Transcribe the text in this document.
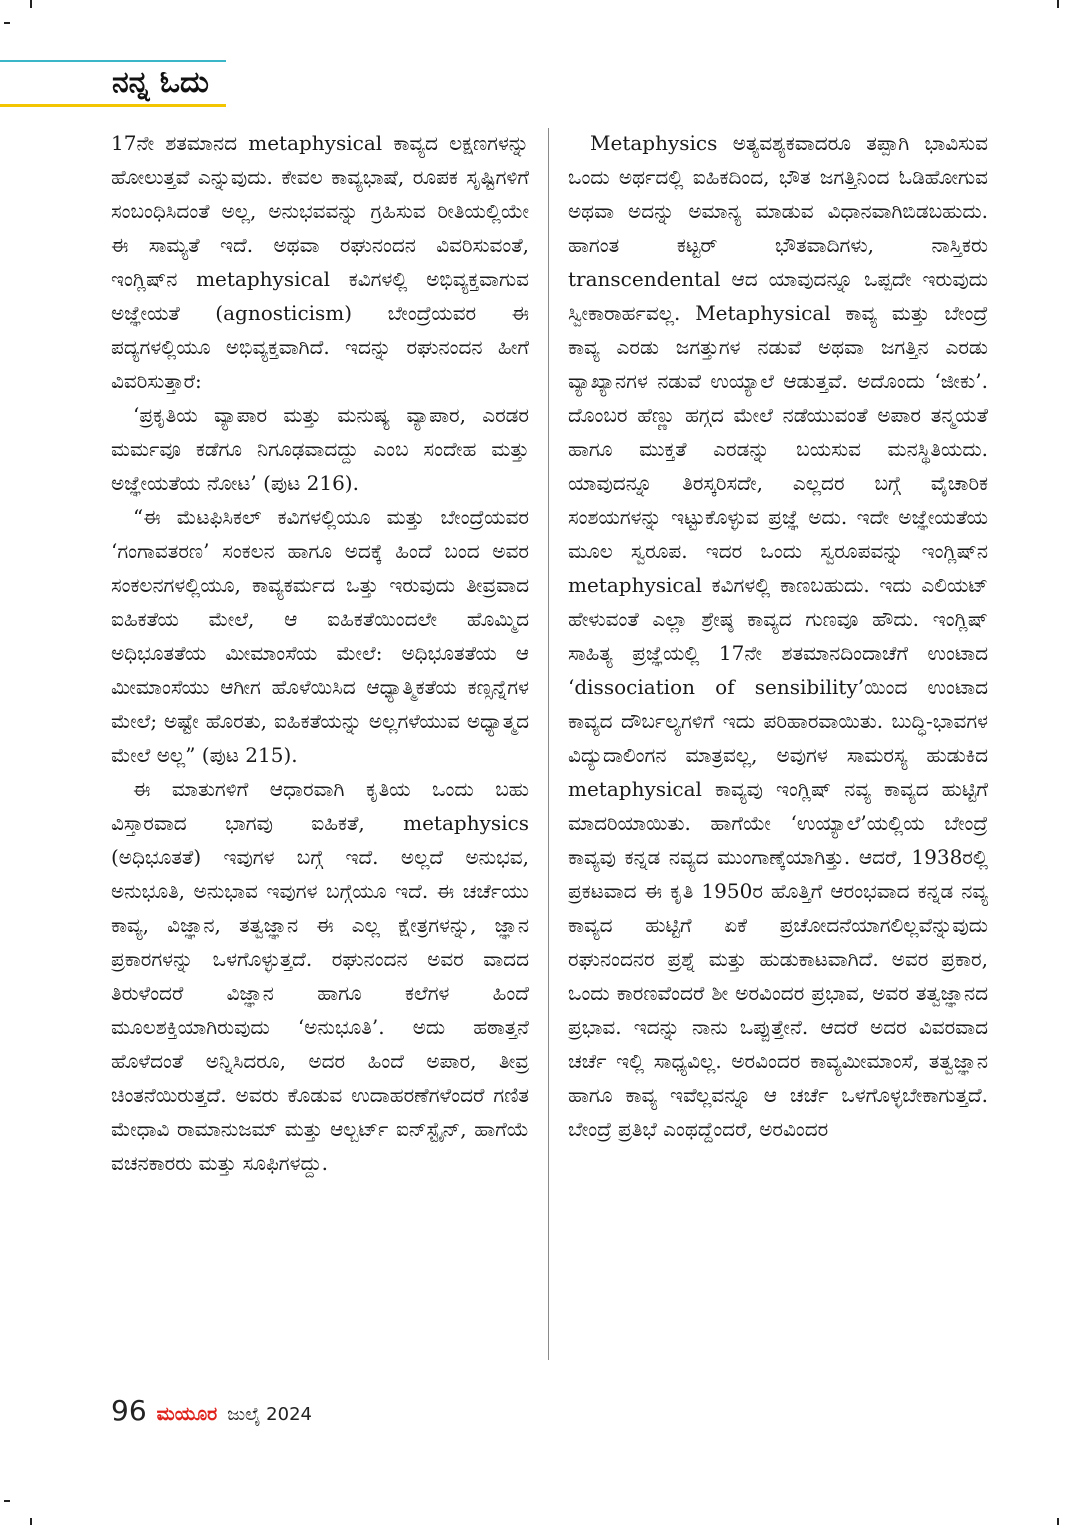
ನನ್ನ ಓದು

17ನೇ ಶತಮಾನದ metaphysical ಕಾವ್ಯದ ಲಕ್ಷಣಗಳನ್ನು ಹೋಲುತ್ತವೆ ಎನ್ನುವುದು. ಕೇವಲ ಕಾವ್ಯಭಾಷೆ, ರೂಪಕ ಸೃಷ್ಟಿಗಳಿಗೆ ಸಂಬಂಧಿಸಿದಂತೆ ಅಲ್ಲ, ಅನುಭವವನ್ನು ಗ್ರಹಿಸುವ ರೀತಿಯಲ್ಲಿಯೇ ಈ ಸಾಮ್ಯತೆ ಇದೆ. ಅಥವಾ ರಘುನಂದನ ವಿವರಿಸುವಂತೆ, ಇಂಗ್ಲಿಷ್‌ನ metaphysical ಕವಿಗಳಲ್ಲಿ ಅಭಿವ್ಯಕ್ತವಾಗುವ ಅಜ್ಞೇಯತೆ (agnosticism) ಬೇಂದ್ರೆಯವರ ಈ ಪದ್ಯಗಳಲ್ಲಿಯೂ ಅಭಿವ್ಯಕ್ತವಾಗಿದೆ. ಇದನ್ನು ರಘುನಂದನ ಹೀಗೆ ವಿವರಿಸುತ್ತಾರೆ:

‘ಪ್ರಕೃತಿಯ ವ್ಯಾಪಾರ ಮತ್ತು ಮನುಷ್ಯ ವ್ಯಾಪಾರ, ಎರಡರ ಮರ್ಮವೂ ಕಡೆಗೂ ನಿಗೂಢವಾದದ್ದು ಎಂಬ ಸಂದೇಹ ಮತ್ತು ಅಜ್ಞೇಯತೆಯ ನೋಟ’ (ಪುಟ 216).

“ಈ ಮೆಟಫಿಸಿಕಲ್ ಕವಿಗಳಲ್ಲಿಯೂ ಮತ್ತು ಬೇಂದ್ರೆಯವರ ‘ಗಂಗಾವತರಣ’ ಸಂಕಲನ ಹಾಗೂ ಅದಕ್ಕೆ ಹಿಂದೆ ಬಂದ ಅವರ ಸಂಕಲನಗಳಲ್ಲಿಯೂ, ಕಾವ್ಯಕರ್ಮದ ಒತ್ತು ಇರುವುದು ತೀವ್ರವಾದ ಐಹಿಕತೆಯ ಮೇಲೆ, ಆ ಐಹಿಕತೆಯಿಂದಲೇ ಹೊಮ್ಮಿದ ಅಧಿಭೂತತೆಯ ಮೀಮಾಂಸೆಯ ಮೇಲೆ: ಅಧಿಭೂತತೆಯ ಆ ಮೀಮಾಂಸೆಯು ಆಗೀಗ ಹೊಳೆಯಿಸಿದ ಆಧ್ಯಾತ್ಮಿಕತೆಯ ಕಣ್ಸನ್ನೆಗಳ ಮೇಲೆ; ಅಷ್ಟೇ ಹೊರತು, ಐಹಿಕತೆಯನ್ನು ಅಲ್ಲಗಳೆಯುವ ಅಧ್ಯಾತ್ಮದ ಮೇಲೆ ಅಲ್ಲ” (ಪುಟ 215).

ಈ ಮಾತುಗಳಿಗೆ ಆಧಾರವಾಗಿ ಕೃತಿಯ ಒಂದು ಬಹು ವಿಸ್ತಾರವಾದ ಭಾಗವು ಐಹಿಕತೆ, metaphysics (ಅಧಿಭೂತತೆ) ಇವುಗಳ ಬಗ್ಗೆ ಇದೆ. ಅಲ್ಲದೆ ಅನುಭವ, ಅನುಭೂತಿ, ಅನುಭಾವ ಇವುಗಳ ಬಗ್ಗೆಯೂ ಇದೆ. ಈ ಚರ್ಚೆಯು ಕಾವ್ಯ, ವಿಜ್ಞಾನ, ತತ್ವಜ್ಞಾನ ಈ ಎಲ್ಲ ಕ್ಷೇತ್ರಗಳನ್ನು, ಜ್ಞಾನ ಪ್ರಕಾರಗಳನ್ನು ಒಳಗೊಳ್ಳುತ್ತದೆ. ರಘುನಂದನ ಅವರ ವಾದದ ತಿರುಳೆಂದರೆ ವಿಜ್ಞಾನ ಹಾಗೂ ಕಲೆಗಳ ಹಿಂದೆ ಮೂಲಶಕ್ತಿಯಾಗಿರುವುದು ‘ಅನುಭೂತಿ’. ಅದು ಹಠಾತ್ತನೆ ಹೊಳೆದಂತೆ ಅನ್ನಿಸಿದರೂ, ಅದರ ಹಿಂದೆ ಅಪಾರ, ತೀವ್ರ ಚಿಂತನೆಯಿರುತ್ತದೆ. ಅವರು ಕೊಡುವ ಉದಾಹರಣೆಗಳೆಂದರೆ ಗಣಿತ ಮೇಧಾವಿ ರಾಮಾನುಜಮ್ ಮತ್ತು ಆಲ್ಬರ್ಟ್ ಐನ್‌ಸ್ಟೈನ್, ಹಾಗೆಯೆ ವಚನಕಾರರು ಮತ್ತು ಸೂಫಿಗಳದ್ದು.

Metaphysics ಅತ್ಯವಶ್ಯಕವಾದರೂ ತಪ್ಪಾಗಿ ಭಾವಿಸುವ ಒಂದು ಅರ್ಥದಲ್ಲಿ ಐಹಿಕದಿಂದ, ಭೌತ ಜಗತ್ತಿನಿಂದ ಓಡಿಹೋಗುವ ಅಥವಾ ಅದನ್ನು ಅಮಾನ್ಯ ಮಾಡುವ ವಿಧಾನವಾಗಿಬಿಡಬಹುದು. ಹಾಗಂತ ಕಟ್ಟರ್ ಭೌತವಾದಿಗಳು, ನಾಸ್ತಿಕರು transcendental ಆದ ಯಾವುದನ್ನೂ ಒಪ್ಪದೇ ಇರುವುದು ಸ್ವೀಕಾರಾರ್ಹವಲ್ಲ. Metaphysical ಕಾವ್ಯ ಮತ್ತು ಬೇಂದ್ರೆ ಕಾವ್ಯ ಎರಡು ಜಗತ್ತುಗಳ ನಡುವೆ ಅಥವಾ ಜಗತ್ತಿನ ಎರಡು ವ್ಯಾಖ್ಯಾನಗಳ ನಡುವೆ ಉಯ್ಯಾಲೆ ಆಡುತ್ತವೆ. ಅದೊಂದು ‘ಜೀಕು’. ದೊಂಬರ ಹೆಣ್ಣು ಹಗ್ಗದ ಮೇಲೆ ನಡೆಯುವಂತೆ ಅಪಾರ ತನ್ಮಯತೆ ಹಾಗೂ ಮುಕ್ತತೆ ಎರಡನ್ನು ಬಯಸುವ ಮನಸ್ಥಿತಿಯದು. ಯಾವುದನ್ನೂ ತಿರಸ್ಕರಿಸದೇ, ಎಲ್ಲದರ ಬಗ್ಗೆ ವೈಚಾರಿಕ ಸಂಶಯಗಳನ್ನು ಇಟ್ಟುಕೊಳ್ಳುವ ಪ್ರಜ್ಞೆ ಅದು. ಇದೇ ಅಜ್ಞೇಯತೆಯ ಮೂಲ ಸ್ವರೂಪ. ಇದರ ಒಂದು ಸ್ವರೂಪವನ್ನು ಇಂಗ್ಲಿಷ್‌ನ metaphysical ಕವಿಗಳಲ್ಲಿ ಕಾಣಬಹುದು. ಇದು ಎಲಿಯಟ್ ಹೇಳುವಂತೆ ಎಲ್ಲಾ ಶ್ರೇಷ್ಠ ಕಾವ್ಯದ ಗುಣವೂ ಹೌದು. ಇಂಗ್ಲಿಷ್ ಸಾಹಿತ್ಯ ಪ್ರಜ್ಞೆಯಲ್ಲಿ 17ನೇ ಶತಮಾನದಿಂದಾಚೆಗೆ ಉಂಟಾದ ‘dissociation of sensibility’ಯಿಂದ ಉಂಟಾದ ಕಾವ್ಯದ ದೌರ್ಬಲ್ಯಗಳಿಗೆ ಇದು ಪರಿಹಾರವಾಯಿತು. ಬುದ್ಧಿ-ಭಾವಗಳ ವಿದ್ಯುದಾಲಿಂಗನ ಮಾತ್ರವಲ್ಲ, ಅವುಗಳ ಸಾಮರಸ್ಯ ಹುಡುಕಿದ metaphysical ಕಾವ್ಯವು ಇಂಗ್ಲಿಷ್ ನವ್ಯ ಕಾವ್ಯದ ಹುಟ್ಟಿಗೆ ಮಾದರಿಯಾಯಿತು. ಹಾಗೆಯೇ ‘ಉಯ್ಯಾಲೆ’ಯಲ್ಲಿಯ ಬೇಂದ್ರೆ ಕಾವ್ಯವು ಕನ್ನಡ ನವ್ಯದ ಮುಂಗಾಣ್ಕೆಯಾಗಿತ್ತು. ಆದರೆ, 1938ರಲ್ಲಿ ಪ್ರಕಟವಾದ ಈ ಕೃತಿ 1950ರ ಹೊತ್ತಿಗೆ ಆರಂಭವಾದ ಕನ್ನಡ ನವ್ಯ ಕಾವ್ಯದ ಹುಟ್ಟಿಗೆ ಏಕೆ ಪ್ರಚೋದನೆಯಾಗಲಿಲ್ಲವೆನ್ನುವುದು ರಘುನಂದನರ ಪ್ರಶ್ನೆ ಮತ್ತು ಹುಡುಕಾಟವಾಗಿದೆ. ಅವರ ಪ್ರಕಾರ, ಒಂದು ಕಾರಣವೆಂದರೆ ಶೀ ಅರವಿಂದರ ಪ್ರಭಾವ, ಅವರ ತತ್ವಜ್ಞಾನದ ಪ್ರಭಾವ. ಇದನ್ನು ನಾನು ಒಪ್ಪುತ್ತೇನೆ. ಆದರೆ ಅದರ ವಿವರವಾದ ಚರ್ಚೆ ಇಲ್ಲಿ ಸಾಧ್ಯವಿಲ್ಲ. ಅರವಿಂದರ ಕಾವ್ಯಮೀಮಾಂಸೆ, ತತ್ವಜ್ಞಾನ ಹಾಗೂ ಕಾವ್ಯ ಇವೆಲ್ಲವನ್ನೂ ಆ ಚರ್ಚೆ ಒಳಗೊಳ್ಳಬೇಕಾಗುತ್ತದೆ. ಬೇಂದ್ರೆ ಪ್ರತಿಭೆ ಎಂಥದ್ದೆಂದರೆ, ಅರವಿಂದರ

96 ಮಯೂರ ಜುಲೈ 2024
